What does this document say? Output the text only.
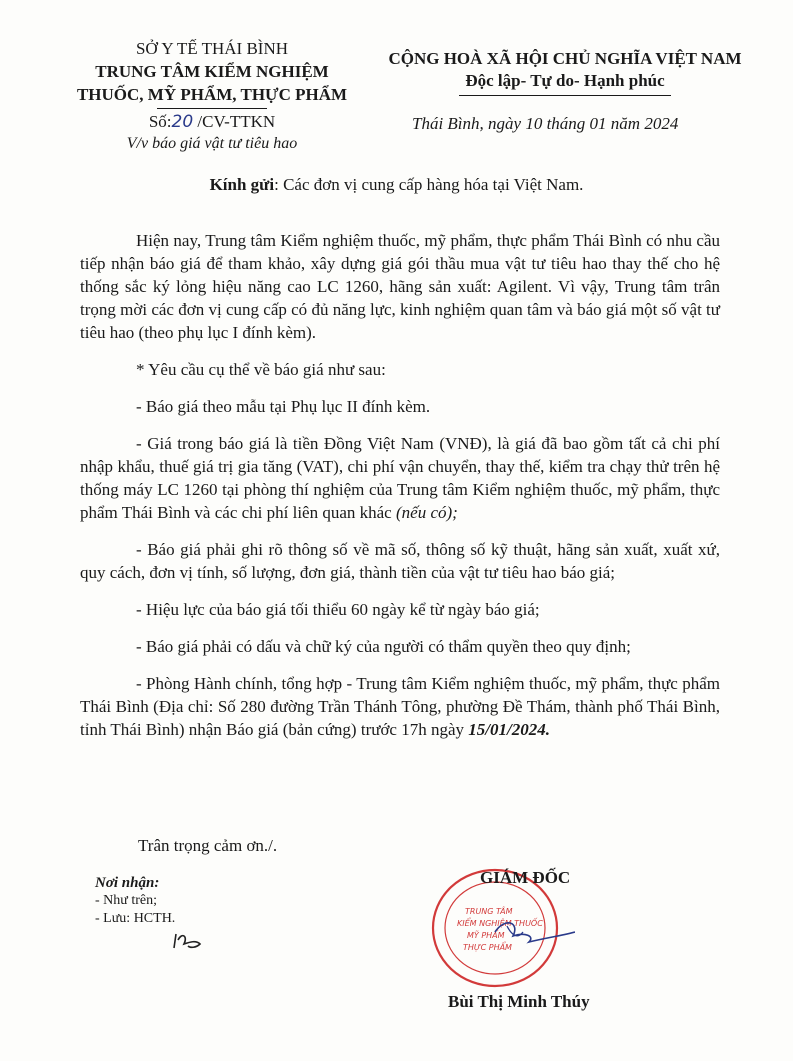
SỞ Y TẾ THÁI BÌNH
TRUNG TÂM KIỂM NGHIỆM
THUỐC, MỸ PHẨM, THỰC PHẨM
Số:20 /CV-TTKN
V/v báo giá vật tư tiêu hao
CỘNG HOÀ XÃ HỘI CHỦ NGHĨA VIỆT NAM
Độc lập- Tự do- Hạnh phúc
Thái Bình, ngày 10 tháng 01 năm 2024
Kính gửi: Các đơn vị cung cấp hàng hóa tại Việt Nam.

Hiện nay, Trung tâm Kiểm nghiệm thuốc, mỹ phẩm, thực phẩm Thái Bình có nhu cầu tiếp nhận báo giá để tham khảo, xây dựng giá gói thầu mua vật tư tiêu hao thay thế cho hệ thống sắc ký lỏng hiệu năng cao LC 1260, hãng sản xuất: Agilent. Vì vậy, Trung tâm trân trọng mời các đơn vị cung cấp có đủ năng lực, kinh nghiệm quan tâm và báo giá một số vật tư tiêu hao (theo phụ lục I đính kèm).

* Yêu cầu cụ thể về báo giá như sau:

- Báo giá theo mẫu tại Phụ lục II đính kèm.

- Giá trong báo giá là tiền Đồng Việt Nam (VNĐ), là giá đã bao gồm tất cả chi phí nhập khẩu, thuế giá trị gia tăng (VAT), chi phí vận chuyển, thay thế, kiểm tra chạy thử trên hệ thống máy LC 1260 tại phòng thí nghiệm của Trung tâm Kiểm nghiệm thuốc, mỹ phẩm, thực phẩm Thái Bình và các chi phí liên quan khác (nếu có);

- Báo giá phải ghi rõ thông số về mã số, thông số kỹ thuật, hãng sản xuất, xuất xứ, quy cách, đơn vị tính, số lượng, đơn giá, thành tiền của vật tư tiêu hao báo giá;

- Hiệu lực của báo giá tối thiểu 60 ngày kể từ ngày báo giá;

- Báo giá phải có dấu và chữ ký của người có thẩm quyền theo quy định;

- Phòng Hành chính, tổng hợp - Trung tâm Kiểm nghiệm thuốc, mỹ phẩm, thực phẩm Thái Bình (Địa chỉ: Số 280 đường Trần Thánh Tông, phường Đề Thám, thành phố Thái Bình, tỉnh Thái Bình) nhận Báo giá (bản cứng) trước 17h ngày 15/01/2024.

Trân trọng cảm ơn./.
Nơi nhận:
- Như trên;
- Lưu: HCTH.	TRUNG TÂM
KIỂM NGHIỆM THUỐC
MỸ PHẨM
THỰC PHẨM
GIÁM ĐỐC
Bùi Thị Minh Thúy
